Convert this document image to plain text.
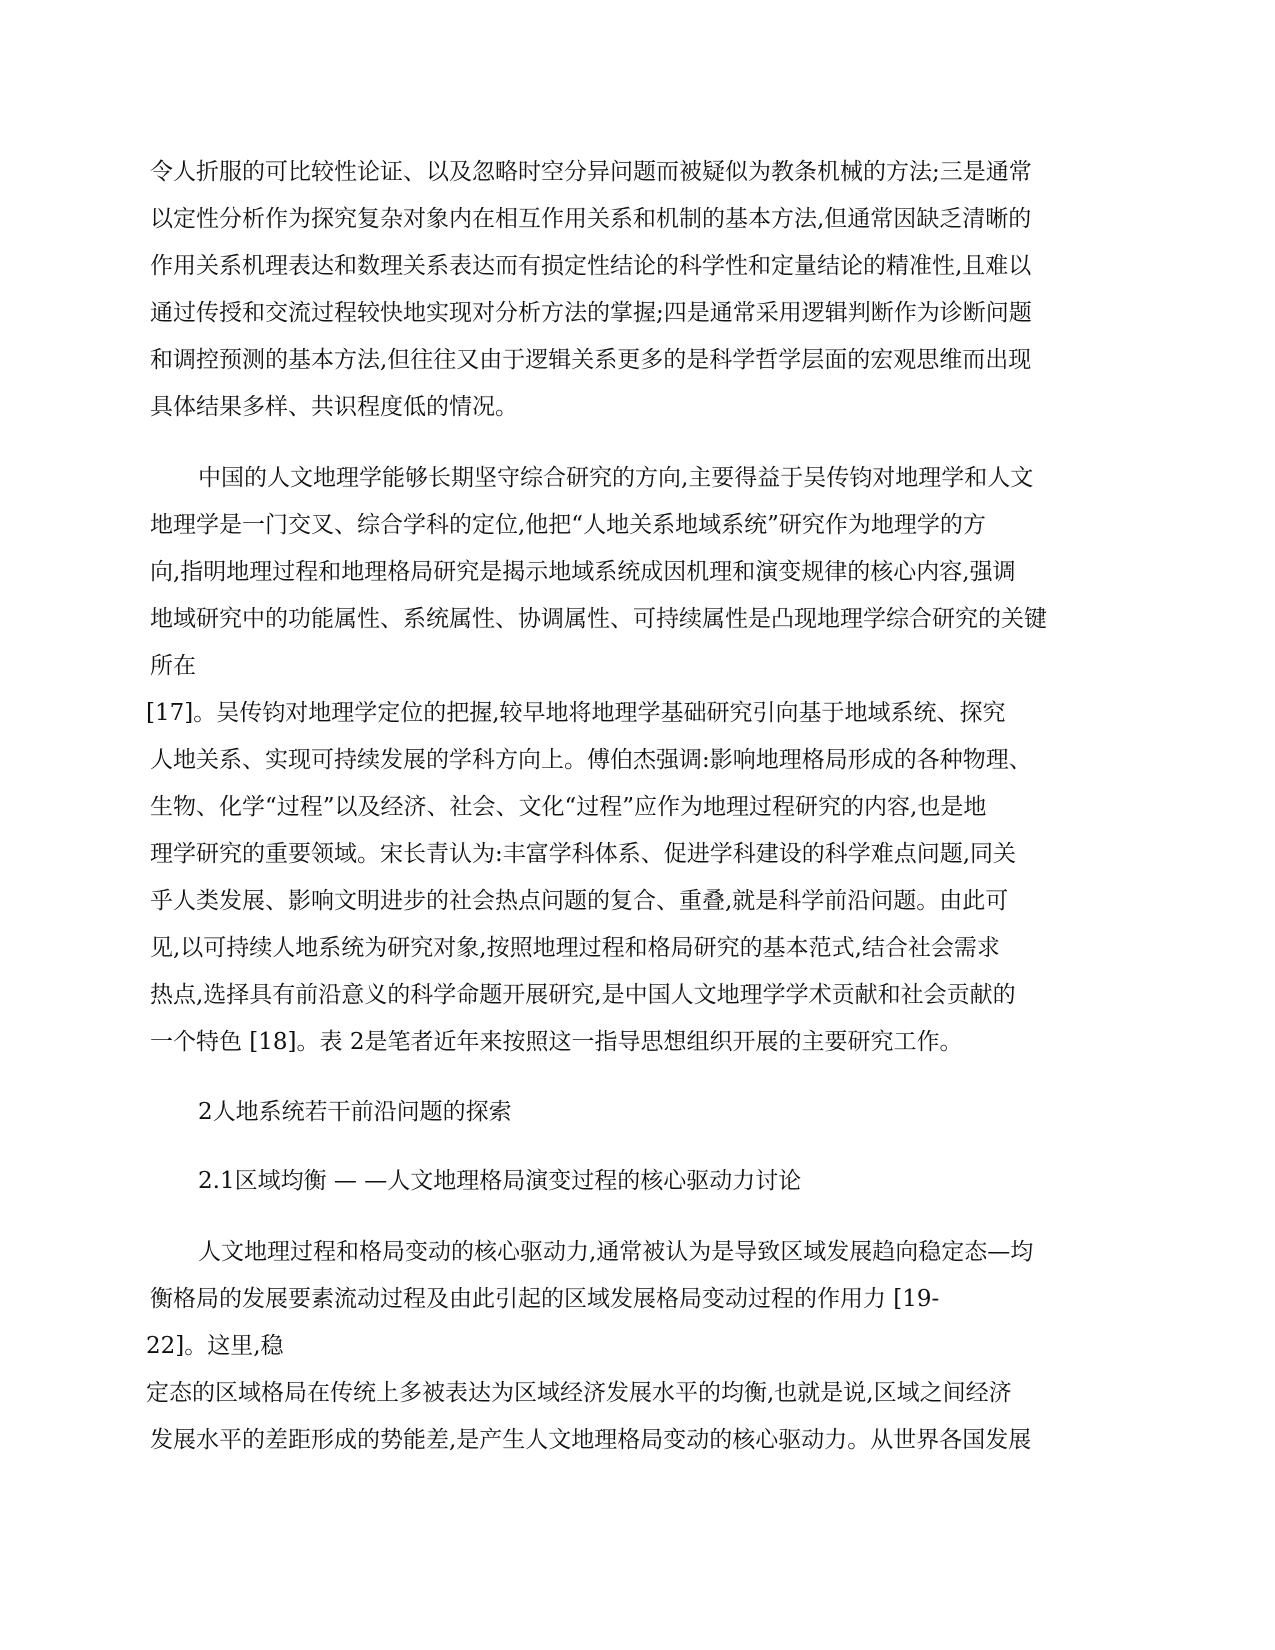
令人折服的可比较性论证、以及忽略时空分异问题而被疑似为教条机械的方法;三是通常
以定性分析作为探究复杂对象内在相互作用关系和机制的基本方法,但通常因缺乏清晰的
作用关系机理表达和数理关系表达而有损定性结论的科学性和定量结论的精准性,且难以
通过传授和交流过程较快地实现对分析方法的掌握;四是通常采用逻辑判断作为诊断问题
和调控预测的基本方法,但往往又由于逻辑关系更多的是科学哲学层面的宏观思维而出现
具体结果多样、共识程度低的情况。
中国的人文地理学能够长期坚守综合研究的方向,主要得益于吴传钧对地理学和人文
地理学是一门交叉、综合学科的定位,他把“人地关系地域系统”研究作为地理学的方
向,指明地理过程和地理格局研究是揭示地域系统成因机理和演变规律的核心内容,强调
地域研究中的功能属性、系统属性、协调属性、可持续属性是凸现地理学综合研究的关键
所在
[17]。吴传钧对地理学定位的把握,较早地将地理学基础研究引向基于地域系统、探究
人地关系、实现可持续发展的学科方向上。傅伯杰强调:影响地理格局形成的各种物理、
生物、化学“过程”以及经济、社会、文化“过程”应作为地理过程研究的内容,也是地
理学研究的重要领域。宋长青认为:丰富学科体系、促进学科建设的科学难点问题,同关
乎人类发展、影响文明进步的社会热点问题的复合、重叠,就是科学前沿问题。由此可
见,以可持续人地系统为研究对象,按照地理过程和格局研究的基本范式,结合社会需求
热点,选择具有前沿意义的科学命题开展研究,是中国人文地理学学术贡献和社会贡献的
一个特色 [18]。表 2是笔者近年来按照这一指导思想组织开展的主要研究工作。
2人地系统若干前沿问题的探索
2.1区域均衡 — —人文地理格局演变过程的核心驱动力讨论
人文地理过程和格局变动的核心驱动力,通常被认为是导致区域发展趋向稳定态—均
衡格局的发展要素流动过程及由此引起的区域发展格局变动过程的作用力 [19-
22]。这里,稳
定态的区域格局在传统上多被表达为区域经济发展水平的均衡,也就是说,区域之间经济
发展水平的差距形成的势能差,是产生人文地理格局变动的核心驱动力。从世界各国发展
